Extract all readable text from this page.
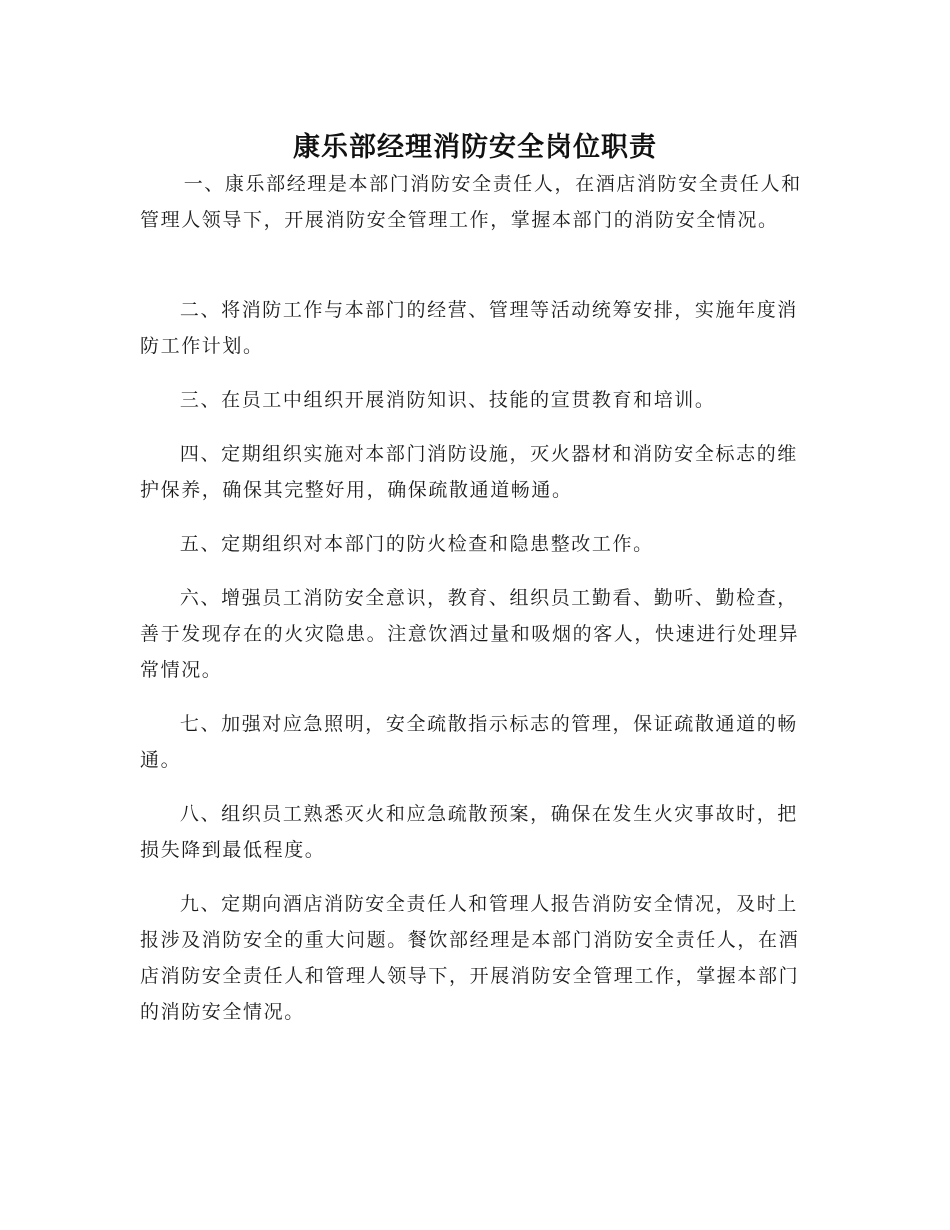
康乐部经理消防安全岗位职责

一、康乐部经理是本部门消防安全责任人，在酒店消防安全责任人和管理人领导下，开展消防安全管理工作，掌握本部门的消防安全情况。

二、将消防工作与本部门的经营、管理等活动统筹安排，实施年度消防工作计划。

三、在员工中组织开展消防知识、技能的宣贯教育和培训。

四、定期组织实施对本部门消防设施，灭火器材和消防安全标志的维护保养，确保其完整好用，确保疏散通道畅通。

五、定期组织对本部门的防火检查和隐患整改工作。

六、增强员工消防安全意识，教育、组织员工勤看、勤听、勤检查，善于发现存在的火灾隐患。注意饮酒过量和吸烟的客人，快速进行处理异常情况。

七、加强对应急照明，安全疏散指示标志的管理，保证疏散通道的畅通。

八、组织员工熟悉灭火和应急疏散预案，确保在发生火灾事故时，把损失降到最低程度。

九、定期向酒店消防安全责任人和管理人报告消防安全情况，及时上报涉及消防安全的重大问题。餐饮部经理是本部门消防安全责任人，在酒店消防安全责任人和管理人领导下，开展消防安全管理工作，掌握本部门的消防安全情况。
